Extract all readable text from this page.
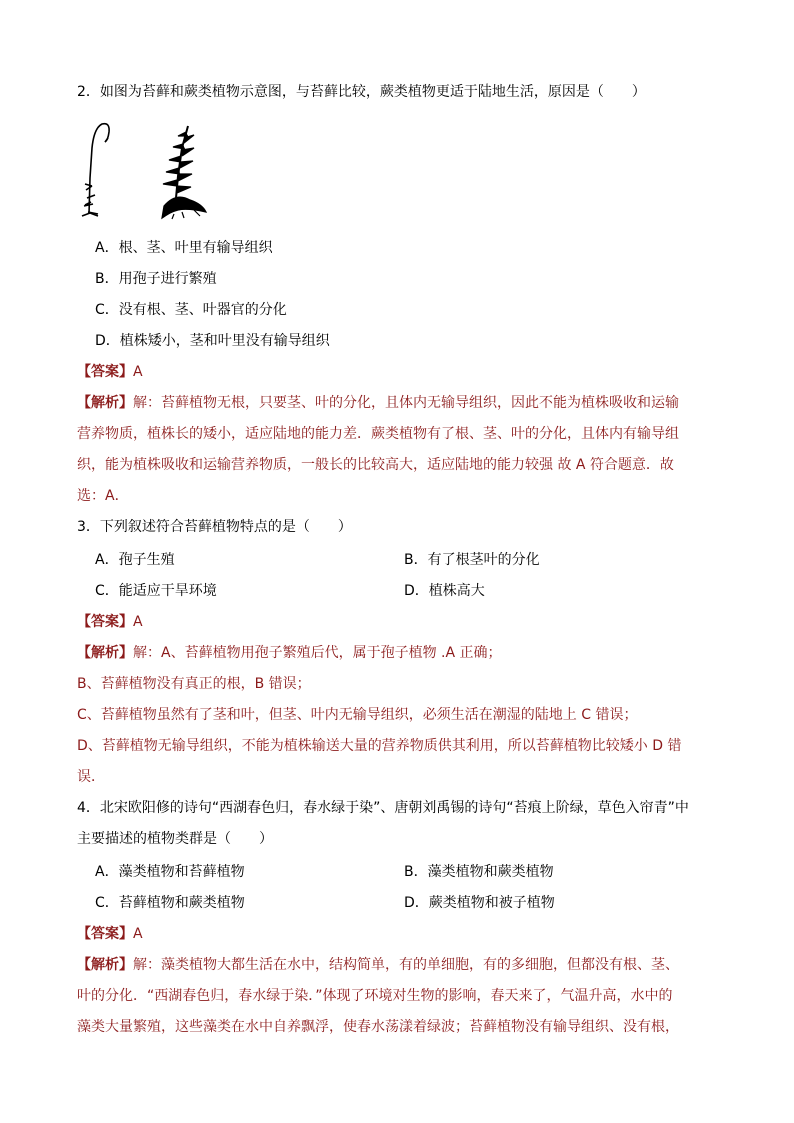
2．如图为苔藓和蕨类植物示意图，与苔藓比较，蕨类植物更适于陆地生活，原因是（　　）
A．根、茎、叶里有输导组织
B．用孢子进行繁殖
C．没有根、茎、叶器官的分化
D．植株矮小，茎和叶里没有输导组织
【答案】A
【解析】解：苔藓植物无根，只要茎、叶的分化，且体内无输导组织，因此不能为植株吸收和运输
营养物质，植株长的矮小，适应陆地的能力差．蕨类植物有了根、茎、叶的分化，且体内有输导组
织，能为植株吸收和运输营养物质，一般长的比较高大，适应陆地的能力较强 故 A 符合题意．故
选：A．
3．下列叙述符合苔藓植物特点的是（　　）
A．孢子生殖	B．有了根茎叶的分化
C．能适应干旱环境	D．植株高大
【答案】A
【解析】解：A、苔藓植物用孢子繁殖后代，属于孢子植物 .A 正确；
B、苔藓植物没有真正的根，B 错误；
C、苔藓植物虽然有了茎和叶，但茎、叶内无输导组织，必须生活在潮湿的陆地上 C 错误；
D、苔藓植物无输导组织，不能为植株输送大量的营养物质供其利用，所以苔藓植物比较矮小 D 错
误．
4．北宋欧阳修的诗句“西湖春色归，春水绿于染”、唐朝刘禹锡的诗句“苔痕上阶绿，草色入帘青”中
主要描述的植物类群是（　　）
A．藻类植物和苔藓植物	B．藻类植物和蕨类植物
C．苔藓植物和蕨类植物	D．蕨类植物和被子植物
【答案】A
【解析】解：藻类植物大都生活在水中，结构简单，有的单细胞，有的多细胞，但都没有根、茎、
叶的分化．“西湖春色归，春水绿于染．”体现了环境对生物的影响，春天来了，气温升高，水中的
藻类大量繁殖，这些藻类在水中自养飘浮，使春水荡漾着绿波；苔藓植物没有输导组织、没有根，
